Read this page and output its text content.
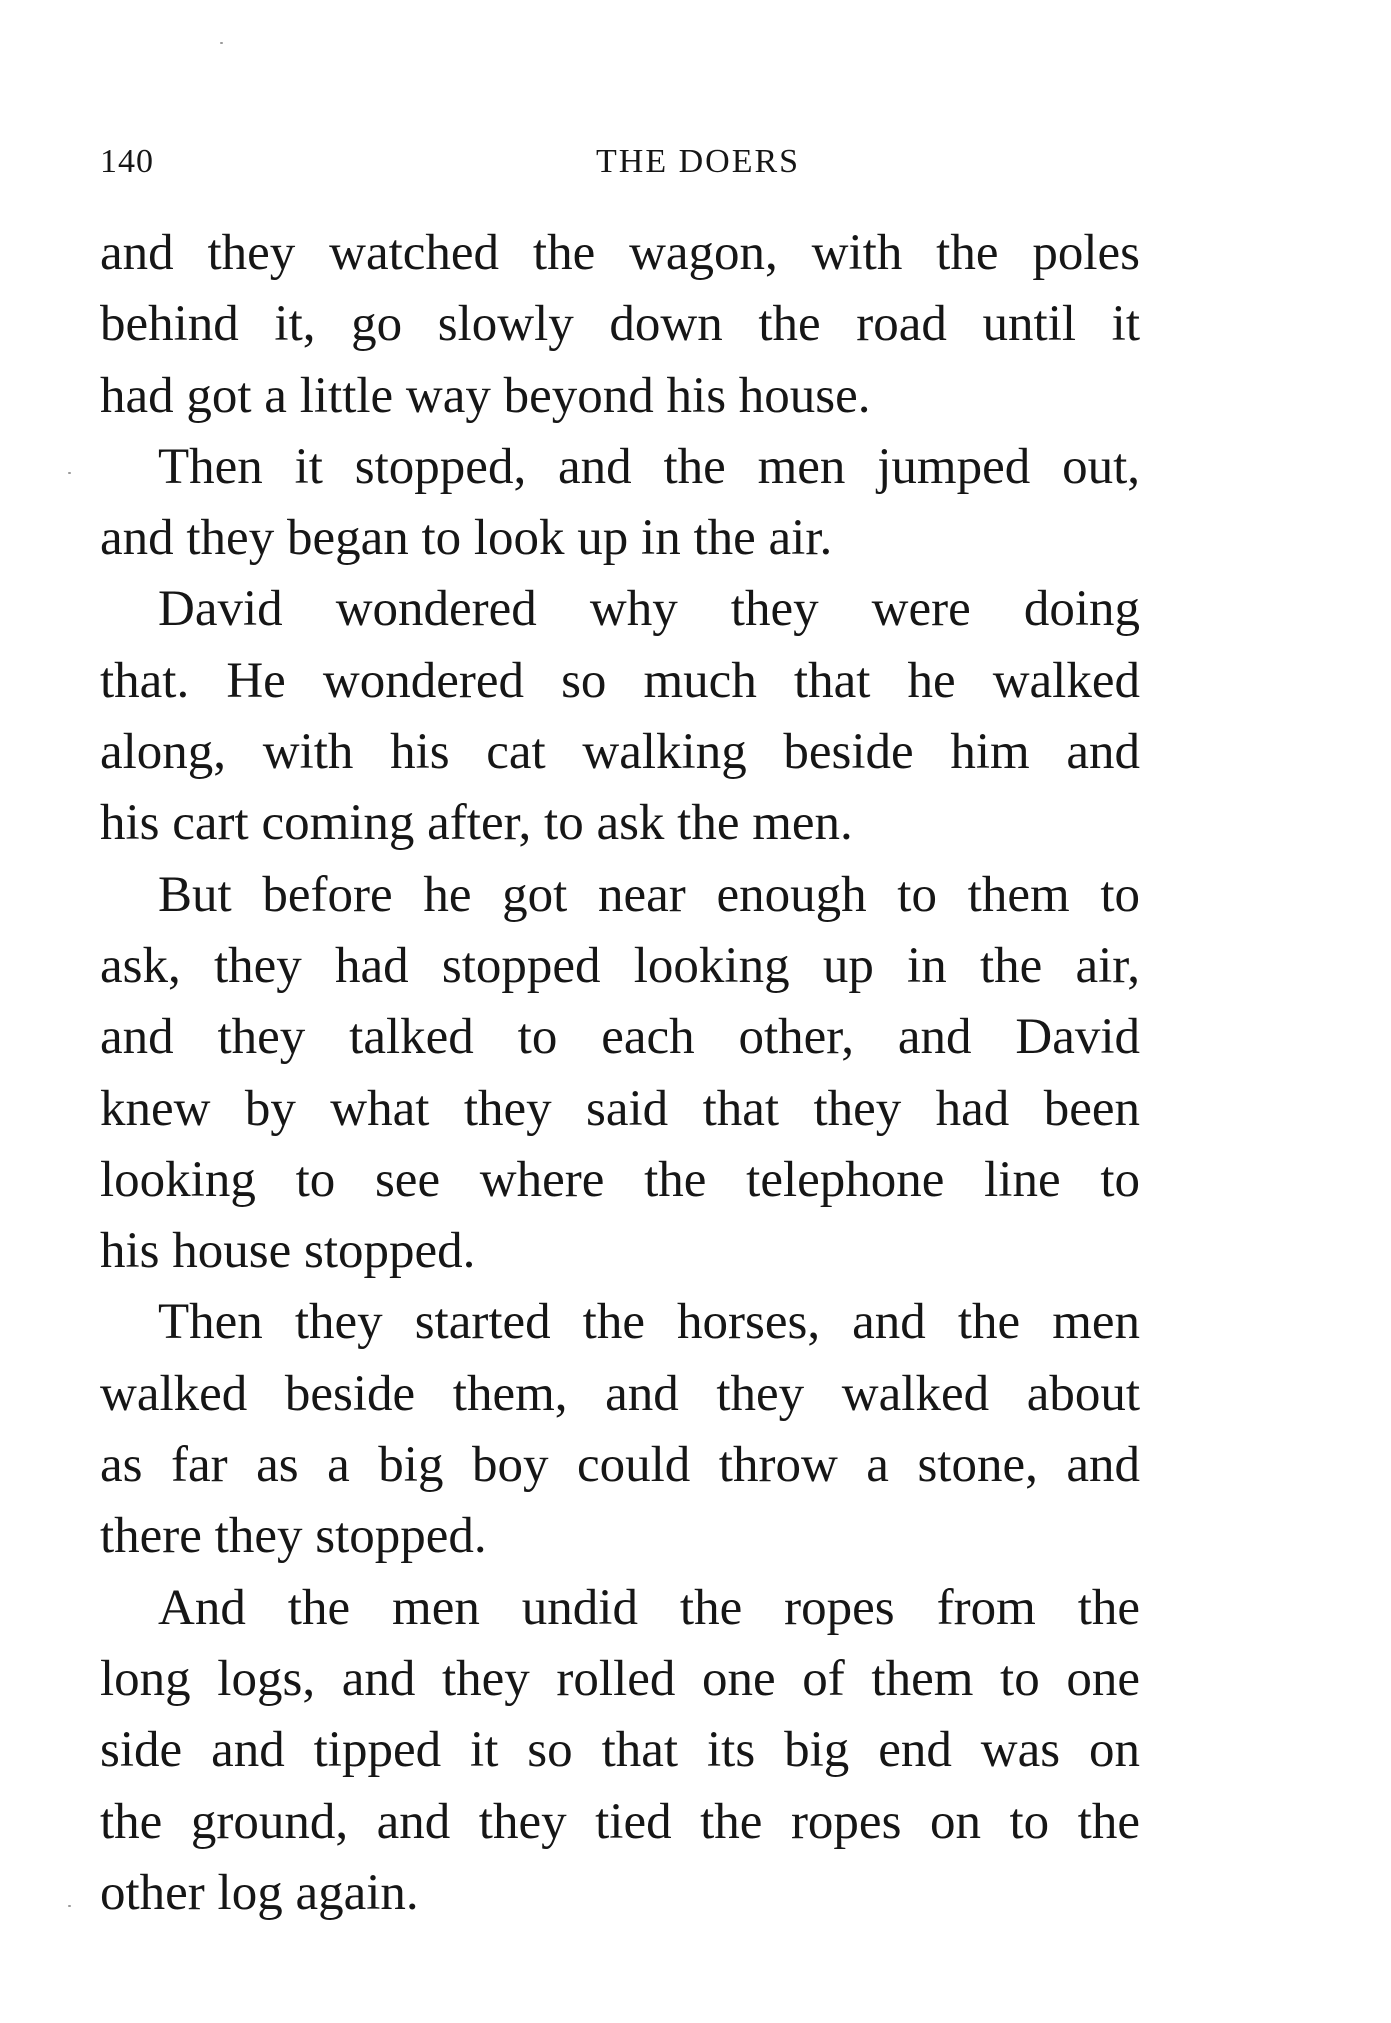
140	THE DOERS
and they watched the wagon, with the poles
behind it, go slowly down the road until it
had got a little way beyond his house.
Then it stopped, and the men jumped out,
and they began to look up in the air.
David wondered why they were doing
that. He wondered so much that he walked
along, with his cat walking beside him and
his cart coming after, to ask the men.
But before he got near enough to them to
ask, they had stopped looking up in the air,
and they talked to each other, and David
knew by what they said that they had been
looking to see where the telephone line to
his house stopped.
Then they started the horses, and the men
walked beside them, and they walked about
as far as a big boy could throw a stone, and
there they stopped.
And the men undid the ropes from the
long logs, and they rolled one of them to one
side and tipped it so that its big end was on
the ground, and they tied the ropes on to the
other log again.
